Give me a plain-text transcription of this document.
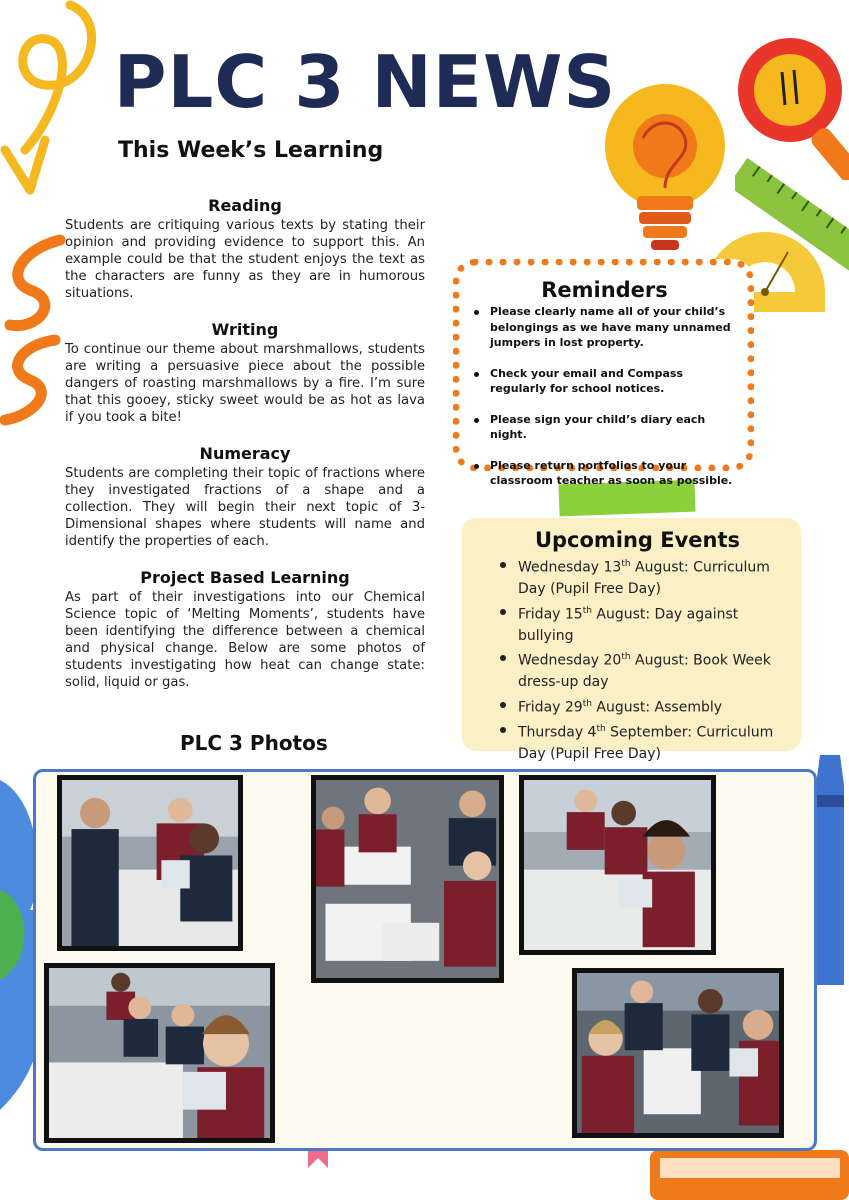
PLC 3 NEWS
This Week’s Learning
Reading

Students are critiquing various texts by stating their opinion and providing evidence to support this. An example could be that the student enjoys the text as the characters are funny as they are in humorous situations.

Writing

To continue our theme about marshmallows, students are writing a persuasive piece about the possible dangers of roasting marshmallows by a fire. I’m sure that this gooey, sticky sweet would be as hot as lava if you took a bite!

Numeracy

Students are completing their topic of fractions where they investigated fractions of a shape and a collection. They will begin their next topic of 3-Dimensional shapes where students will name and identify the properties of each.

Project Based Learning

As part of their investigations into our Chemical Science topic of ‘Melting Moments’, students have been identifying the difference between a chemical and physical change. Below are some photos of students investigating how heat can change state: solid, liquid or gas.

Reminders
Please clearly name all of your child’s belongings as we have many unnamed jumpers in lost property.
Check your email and Compass regularly for school notices.
Please sign your child’s diary each night.
Please return portfolios to your classroom teacher as soon as possible.
Upcoming Events
Wednesday 13th August: Curriculum Day (Pupil Free Day)
Friday 15th August: Day against bullying
Wednesday 20th August: Book Week dress-up day
Friday 29th August: Assembly
Thursday 4th September: Curriculum Day (Pupil Free Day)
PLC 3 Photos
